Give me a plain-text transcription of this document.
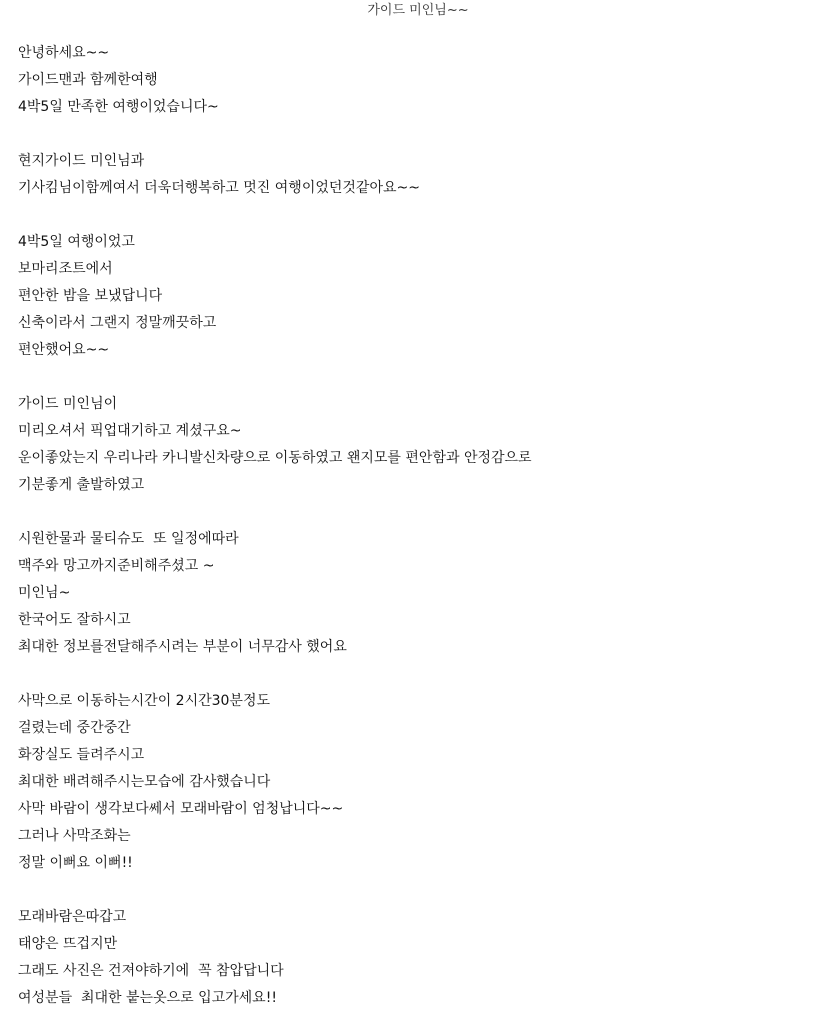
가이드 미인님~~
안녕하세요~~
가이드맨과 함께한여행
4박5일 만족한 여행이었습니다~
현지가이드 미인님과
기사킴님이함께여서 더욱더행복하고 멋진 여행이었던것같아요~~
4박5일 여행이었고
보마리조트에서
편안한 밤을 보냈답니다
신축이라서 그랜지 정말깨끗하고
편안했어요~~
가이드 미인님이
미리오셔서 픽업대기하고 계셨구요~
운이좋았는지 우리나라 카니발신차량으로 이동하였고 왠지모를 편안함과 안정감으로
기분좋게 출발하였고
시원한물과 물티슈도  또 일정에따라
맥주와 망고까지준비해주셨고 ~
미인님~
한국어도 잘하시고
최대한 정보를전달해주시려는 부분이 너무감사 했어요
사막으로 이동하는시간이 2시간30분정도
걸렸는데 중간중간
화장실도 들려주시고
최대한 배려해주시는모습에 감사했습니다
사막 바람이 생각보다쎄서 모래바람이 엄청납니다~~
그러나 사막조화는
정말 이뻐요 이뻐!!
모래바람은따갑고
태양은 뜨겁지만
그래도 사진은 건져야하기에  꼭 참압답니다
여성분들  최대한 붙는옷으로 입고가세요!!
